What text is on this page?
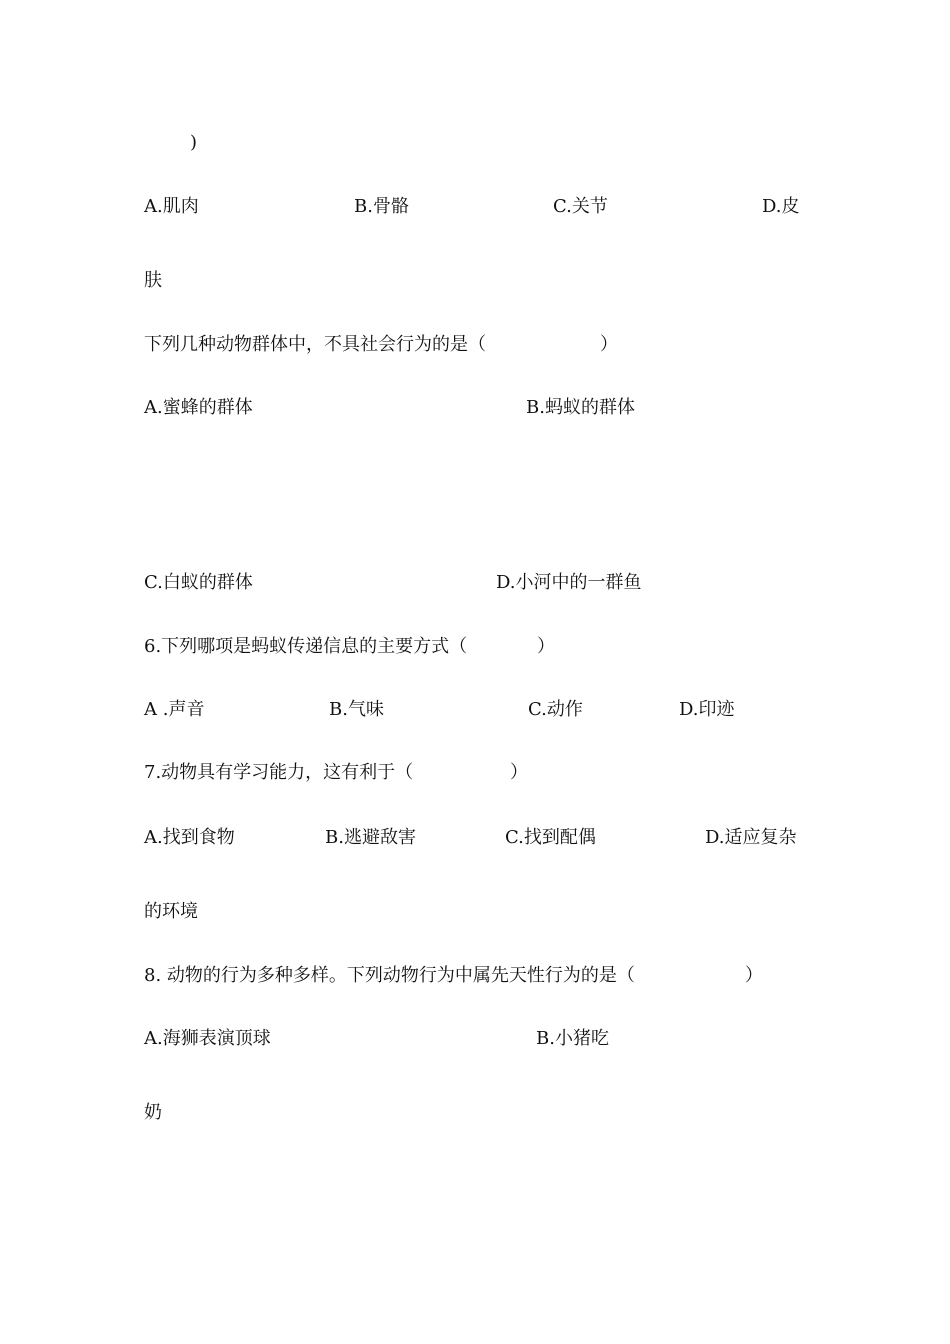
)
A.肌肉	B.骨骼	C.关节	D.皮
肤
下列几种动物群体中，不具社会行为的是（	）
A.蜜蜂的群体	B.蚂蚁的群体
C.白蚁的群体	D.小河中的一群鱼
6.下列哪项是蚂蚁传递信息的主要方式（	）
A .声音	B.气味	C.动作	D.印迹
7.动物具有学习能力，这有利于（	）
A.找到食物	B.逃避敌害	C.找到配偶	D.适应复杂
的环境
8. 动物的行为多种多样。下列动物行为中属先天性行为的是（	）
A.海狮表演顶球	B.小猪吃
奶
